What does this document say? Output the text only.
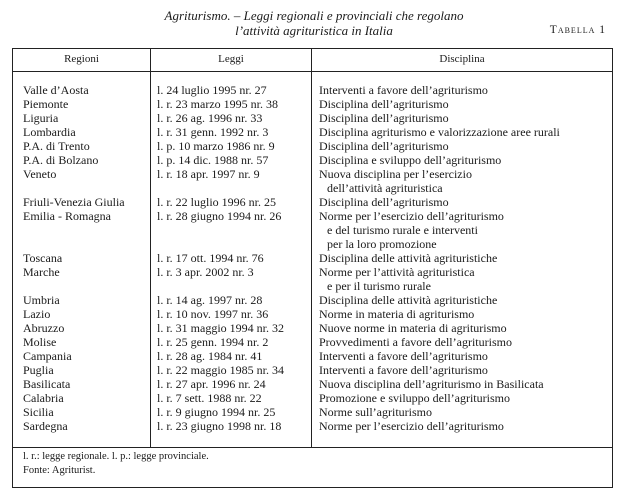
Agriturismo. – Leggi regionali e provinciali che regolano
l’attività agrituristica in Italia	Tabella 1
Regioni	Leggi	Disciplina
Valle d’Aosta	l. 24 luglio 1995 nr. 27	Interventi a favore dell’agriturismo
Piemonte	l. r. 23 marzo 1995 nr. 38	Disciplina dell’agriturismo
Liguria	l. r. 26 ag. 1996 nr. 33	Disciplina dell’agriturismo
Lombardia	l. r. 31 genn. 1992 nr. 3	Disciplina agriturismo e valorizzazione aree rurali
P.A. di Trento	l. p. 10 marzo 1986 nr. 9	Disciplina dell’agriturismo
P.A. di Bolzano	l. p. 14 dic. 1988 nr. 57	Disciplina e sviluppo dell’agriturismo
Veneto	l. r. 18 apr. 1997 nr. 9	Nuova disciplina per l’esercizio
dell’attività agrituristica
Friuli-Venezia Giulia	l. r. 22 luglio 1996 nr. 25	Disciplina dell’agriturismo
Emilia - Romagna	l. r. 28 giugno 1994 nr. 26	Norme per l’esercizio dell’agriturismo
e del turismo rurale e interventi
per la loro promozione
Toscana	l. r. 17 ott. 1994 nr. 76	Disciplina delle attività agrituristiche
Marche	l. r. 3 apr. 2002 nr. 3	Norme per l’attività agrituristica
e per il turismo rurale
Umbria	l. r. 14 ag. 1997 nr. 28	Disciplina delle attività agrituristiche
Lazio	l. r. 10 nov. 1997 nr. 36	Norme in materia di agriturismo
Abruzzo	l. r. 31 maggio 1994 nr. 32	Nuove norme in materia di agriturismo
Molise	l. r. 25 genn. 1994 nr. 2	Provvedimenti a favore dell’agriturismo
Campania	l. r. 28 ag. 1984 nr. 41	Interventi a favore dell’agriturismo
Puglia	l. r. 22 maggio 1985 nr. 34	Interventi a favore dell’agriturismo
Basilicata	l. r. 27 apr. 1996 nr. 24	Nuova disciplina dell’agriturismo in Basilicata
Calabria	l. r. 7 sett. 1988 nr. 22	Promozione e sviluppo dell’agriturismo
Sicilia	l. r. 9 giugno 1994 nr. 25	Norme sull’agriturismo
Sardegna	l. r. 23 giugno 1998 nr. 18	Norme per l’esercizio dell’agriturismo
l. r.: legge regionale. l. p.: legge provinciale.
Fonte: Agriturist.
